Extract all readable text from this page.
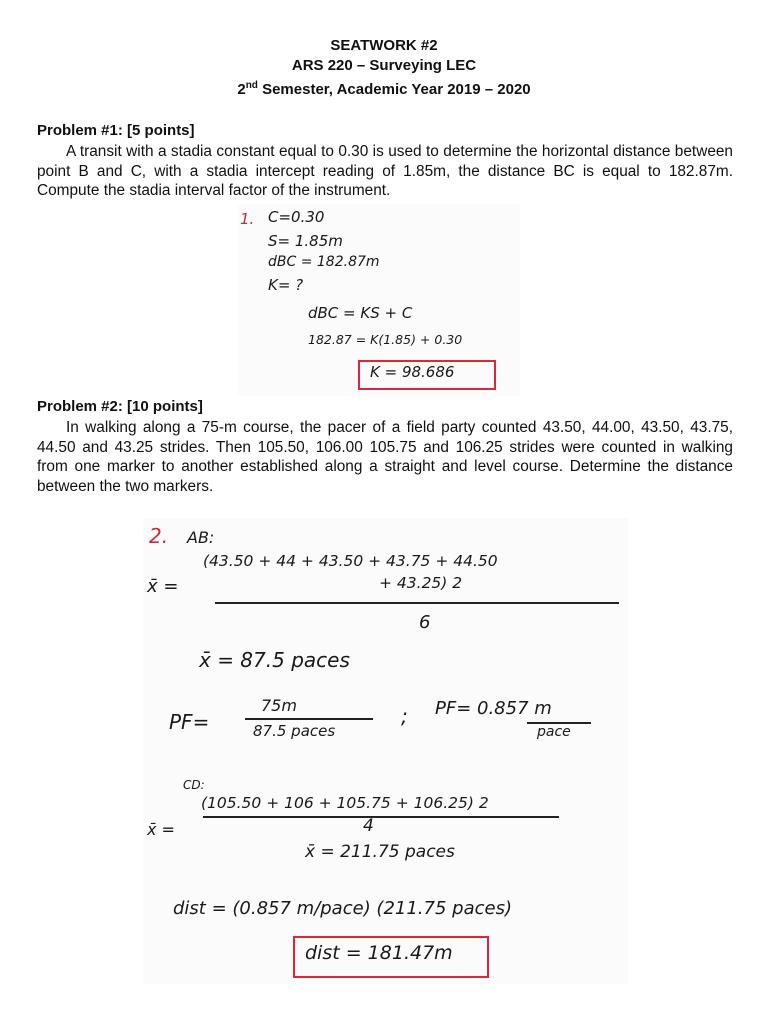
SEATWORK #2
ARS 220 – Surveying LEC
2nd Semester, Academic Year 2019 – 2020
Problem #1: [5 points]
A transit with a stadia constant equal to 0.30 is used to determine the horizontal distance between point B and C, with a stadia intercept reading of 1.85m, the distance BC is equal to 182.87m. Compute the stadia interval factor of the instrument.
1. C=0.30
S= 1.85m
dBC = 182.87m
K= ?
dBC = KS + C
182.87 = K(1.85) + 0.30
K = 98.686
Problem #2: [10 points]
In walking along a 75-m course, the pacer of a field party counted 43.50, 44.00, 43.50, 43.75, 44.50 and 43.25 strides. Then 105.50, 106.00 105.75 and 106.25 strides were counted in walking from one marker to another established along a straight and level course. Determine the distance between the two markers.
2. AB:
(43.50 + 44 + 43.50 + 43.75 + 44.50
+ 43.25) 2
x̄ =
6
x̄ = 87.5 paces
PF=
75m
87.5 paces
; PF= 0.857 m
pace
CD:
(105.50 + 106 + 105.75 + 106.25) 2
x̄ =	4
x̄ = 211.75 paces
dist = (0.857 m/pace) (211.75 paces)
dist = 181.47m
